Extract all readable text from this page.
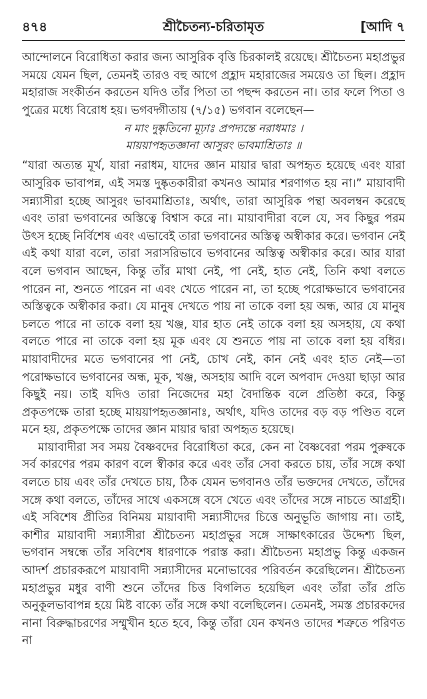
৪৭৪	শ্রীচৈতন্য-চরিতামৃত	[আদি ৭

আন্দোলনে বিরোধিতা করার জন্য আসুরিক বৃত্তি চিরকালই রয়েছে। শ্রীচৈতন্য মহাপ্রভুর সময়ে যেমন ছিল, তেমনই তারও বহু আগে প্রহ্লাদ মহারাজের সময়েও তা ছিল। প্রহ্লাদ মহারাজ সংকীর্তন করতেন যদিও তাঁর পিতা তা পছন্দ করতেন না। তার ফলে পিতা ও পুত্রের মধ্যে বিরোধ হয়। ভগবদ্গীতায় (৭/১৫) ভগবান বলেছেন—

ন মাং দুষ্কৃতিনো মূঢ়াঃ প্রপদ্যন্তে নরাধমাঃ ।
মায়য়াপহৃতজ্ঞানা আসুরং ভাবমাশ্রিতাঃ ॥

“যারা অত্যন্ত মূর্খ, যারা নরাধম, যাদের জ্ঞান মায়ার দ্বারা অপহৃত হয়েছে এবং যারা আসুরিক ভাবাপন্ন, এই সমস্ত দুষ্কৃতকারীরা কখনও আমার শরণাগত হয় না।” মায়াবাদী সন্ন্যাসীরা হচ্ছে আসুরং ভাবমাশ্রিতাঃ, অর্থাৎ, তারা আসুরিক পন্থা অবলম্বন করেছে এবং তারা ভগবানের অস্তিত্বে বিশ্বাস করে না। মায়াবাদীরা বলে যে, সব কিছুর পরম উৎস হচ্ছে নির্বিশেষ এবং এভাবেই তারা ভগবানের অস্তিত্ব অস্বীকার করে। ভগবান নেই এই কথা যারা বলে, তারা সরাসরিভাবে ভগবানের অস্তিত্ব অস্বীকার করে। আর যারা বলে ভগবান আছেন, কিন্তু তাঁর মাথা নেই, পা নেই, হাত নেই, তিনি কথা বলতে পারেন না, শুনতে পারেন না এবং খেতে পারেন না, তা হচ্ছে পরোক্ষভাবে ভগবানের অস্তিত্বকে অস্বীকার করা। যে মানুষ দেখতে পায় না তাকে বলা হয় অন্ধ, আর যে মানুষ চলতে পারে না তাকে বলা হয় খঞ্জ, যার হাত নেই তাকে বলা হয় অসহায়, যে কথা বলতে পারে না তাকে বলা হয় মূক এবং যে শুনতে পায় না তাকে বলা হয় বধির। মায়াবাদীদের মতে ভগবানের পা নেই, চোখ নেই, কান নেই এবং হাত নেই—তা পরোক্ষভাবে ভগবানের অন্ধ, মূক, খঞ্জ, অসহায় আদি বলে অপবাদ দেওয়া ছাড়া আর কিছুই নয়। তাই যদিও তারা নিজেদের মহা বৈদান্তিক বলে প্রতিষ্ঠা করে, কিন্তু প্রকৃতপক্ষে তারা হচ্ছে মায়য়াপহৃতজ্ঞানাঃ, অর্থাৎ, যদিও তাদের বড় বড় পণ্ডিত বলে মনে হয়, প্রকৃতপক্ষে তাদের জ্ঞান মায়ার দ্বারা অপহৃত হয়েছে।

মায়াবাদীরা সব সময় বৈষ্ণবদের বিরোধিতা করে, কেন না বৈষ্ণবেরা পরম পুরুষকে সর্ব কারণের পরম কারণ বলে স্বীকার করে এবং তাঁর সেবা করতে চায়, তাঁর সঙ্গে কথা বলতে চায় এবং তাঁর দেখতে চায়, ঠিক যেমন ভগবানও তাঁর ভক্তদের দেখতে, তাঁদের সঙ্গে কথা বলতে, তাঁদের সাথে একসঙ্গে বসে খেতে এবং তাঁদের সঙ্গে নাচতে আগ্রহী। এই সবিশেষ প্রীতির বিনিময় মায়াবাদী সন্ন্যাসীদের চিত্তে অনুভূতি জাগায় না। তাই, কাশীর মায়াবাদী সন্ন্যাসীরা শ্রীচৈতন্য মহাপ্রভুর সঙ্গে সাক্ষাৎকারের উদ্দেশ্য ছিল, ভগবান সম্বন্ধে তাঁর সবিশেষ ধারণাকে পরাস্ত করা। শ্রীচৈতন্য মহাপ্রভু কিন্তু একজন আদর্শ প্রচারকরূপে মায়াবাদী সন্ন্যাসীদের মনোভাবের পরিবর্তন করেছিলেন। শ্রীচৈতন্য মহাপ্রভুর মধুর বাণী শুনে তাঁদের চিত্ত বিগলিত হয়েছিল এবং তাঁরা তাঁর প্রতি অনুকূলভাবাপন্ন হয়ে মিষ্ট বাক্যে তাঁর সঙ্গে কথা বলেছিলেন। তেমনই, সমস্ত প্রচারকদের নানা বিরুদ্ধাচরণের সম্মুখীন হতে হবে, কিন্তু তাঁরা যেন কখনও তাদের শত্রুতে পরিণত না
